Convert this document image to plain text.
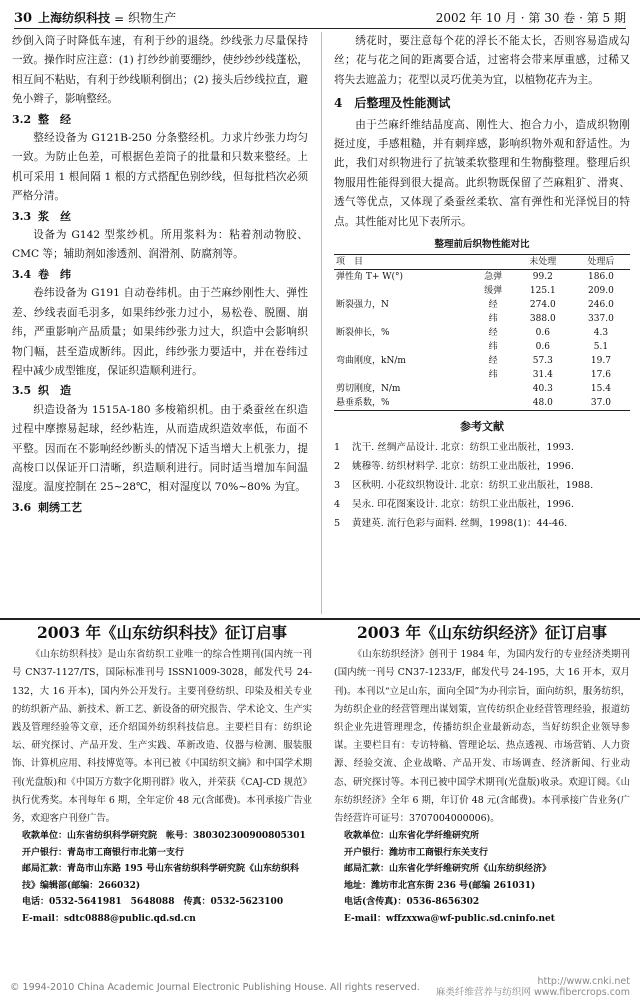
30 上海纺织科技 = 织物生产	2002 年 10 月 · 第 30 卷 · 第 5 期

纱倒入筒子时降低车速，有利于纱的退绕。纱线张力尽量保持一致。操作时应注意：(1) 打纱纱前要绷纱，使纱纱纱线蓬松，相互间不粘贴，有利于纱线顺利倒出；(2) 接头后纱线拉直，避免小辫子，影响整经。

3.2 整　经

整经设备为 G121B-250 分条整经机。力求片纱张力均匀一致。为防止色差，可根据色差筒子的批量和只数来整经。上机可采用 1 根间隔 1 根的方式搭配色别纱线，但每批档次必须严格分清。

3.3 浆　丝

设备为 G142 型浆纱机。所用浆料为：粘着剂动物胶、CMC 等；辅助剂如渗透剂、润滑剂、防腐剂等。

3.4 卷　纬

卷纬设备为 G191 自动卷纬机。由于苎麻纱刚性大、弹性差、纱线表面毛羽多，如果纬纱张力过小，易松卷、脱圈、崩纬，严重影响产品质量；如果纬纱张力过大，织造中会影响织物门幅，甚至造成断纬。因此，纬纱张力要适中，并在卷纬过程中减少成型锥度，保证织造顺利进行。

3.5 织　造

织造设备为 1515A-180 多梭箱织机。由于桑蚕丝在织造过程中摩擦易起球，经纱粘连，从而造成织造效率低，布面不平整。因而在不影响经纱断头的情况下适当增大上机张力，提高梭口以保证开口清晰，织造顺利进行。同时适当增加车间温湿度。温度控制在 25~28℃，相对湿度以 70%~80% 为宜。

3.6 刺绣工艺

绣花时，要注意每个花的浮长不能太长，否则容易造成勾丝；花与花之间的距离要合适，过密将会带来厚重感，过稀又将失去遮盖力；花型以灵巧优美为宜，以植物花卉为主。

4　 后整理及性能测试

由于苎麻纤维结晶度高、刚性大、抱合力小，造成织物刚挺过度，手感粗糙，并有刺痒感，影响织物外观和舒适性。为此，我们对织物进行了抗皱柔软整理和生物酶整理。整理后织物服用性能得到很大提高。此织物既保留了苎麻粗犷、滑爽、透气等优点，又体现了桑蚕丝柔软、富有弹性和光泽悦目的特点。其性能对比见下表所示。

整理前后织物性能对比
项　目		未处理	处理后
弹性角 T+ W(°)	急弹	99.2	186.0
	缓弹	125.1	209.0
断裂强力，N	经	274.0	246.0
	纬	388.0	337.0
断裂伸长，%	经	0.6	4.3
	纬	0.6	5.1
弯曲刚度，kN/m	经	57.3	19.7
	纬	31.4	17.6
剪切刚度，N/m		40.3	15.4
悬垂系数，%		48.0	37.0
参考文献
1	沈干. 丝绸产品设计. 北京：纺织工业出版社，1993.
2	姚穆等. 纺织材料学. 北京：纺织工业出版社，1996.
3	区秋明. 小花纹织物设计. 北京：纺织工业出版社，1988.
4	吴永. 印花图案设计. 北京：纺织工业出版社，1996.
5	黄建英. 流行色彩与面料. 丝绸，1998(1)：44-46.
2003 年《山东纺织科技》征订启事

《山东纺织科技》是山东省纺织工业唯一的综合性期刊(国内统一刊号 CN37-1127/TS，国际标准刊号 ISSN1009-3028，邮发代号 24-132，大 16 开本)，国内外公开发行。主要刊登纺织、印染及相关专业的纺织新产品、新技术、新工艺、新设备的研究报告、学术论文、生产实践及管理经验等文章，还介绍国外纺织科技信息。主要栏目有：纺织论坛、研究探讨、产品开发、生产实践、革新改造、仪器与检测、服装服饰、计算机应用、科技博览等。本刊已被《中国纺织文摘》和中国学术期刊(光盘版)和《中国万方数字化期刊群》收入，并荣获《CAJ-CD 规范》执行优秀奖。本刊每年 6 期，全年定价 48 元(含邮费)。本刊承接广告业务，欢迎客户刊登广告。

收款单位：山东省纺织科学研究院　帐号：380302300900805301
开户银行：青岛市工商银行市北第一支行
邮局汇款：青岛市山东路 195 号山东省纺织科学研究院《山东纺织科技》编辑部(邮编：266032)
电话：0532-5641981　5648088　传真：0532-5623100
E-mail：sdtc0888@public.qd.sd.cn
2003 年《山东纺织经济》征订启事

《山东纺织经济》创刊于 1984 年，为国内发行的专业经济类期刊(国内统一刊号 CN37-1233/F，邮发代号 24-195，大 16 开本，双月刊)。本刊以“立足山东，面向全国”为办刊宗旨，面向纺织，服务纺织，为纺织企业的经营管理出谋划策，宣传纺织企业经营管理经验，报道纺织企业先进管理理念，传播纺织企业最新动态，当好纺织企业领导参谋。主要栏目有：专访特稿、管理论坛、热点透视、市场营销、人力资源、经验交流、企业战略、产品开发、市场调查、经济新闻、行业动态、研究探讨等。本刊已被中国学术期刊(光盘版)收录。欢迎订阅。《山东纺织经济》全年 6 期，年订价 48 元(含邮费)。本刊承接广告业务(广告经营许可证号：3707004000006)。

收款单位：山东省化学纤维研究所
开户银行：潍坊市工商银行东关支行
邮局汇款：山东省化学纤维研究所《山东纺织经济》
地址：潍坊市北宫东街 236 号(邮编 261031)
电话(含传真)：0536-8656302
E-mail：wffzxxwa@wf-public.sd.cninfo.net
© 1994-2010 China Academic Journal Electronic Publishing House. All rights reserved.	http://www.cnki.net
麻类纤维营养与纺织网 www.fibercrops.com
